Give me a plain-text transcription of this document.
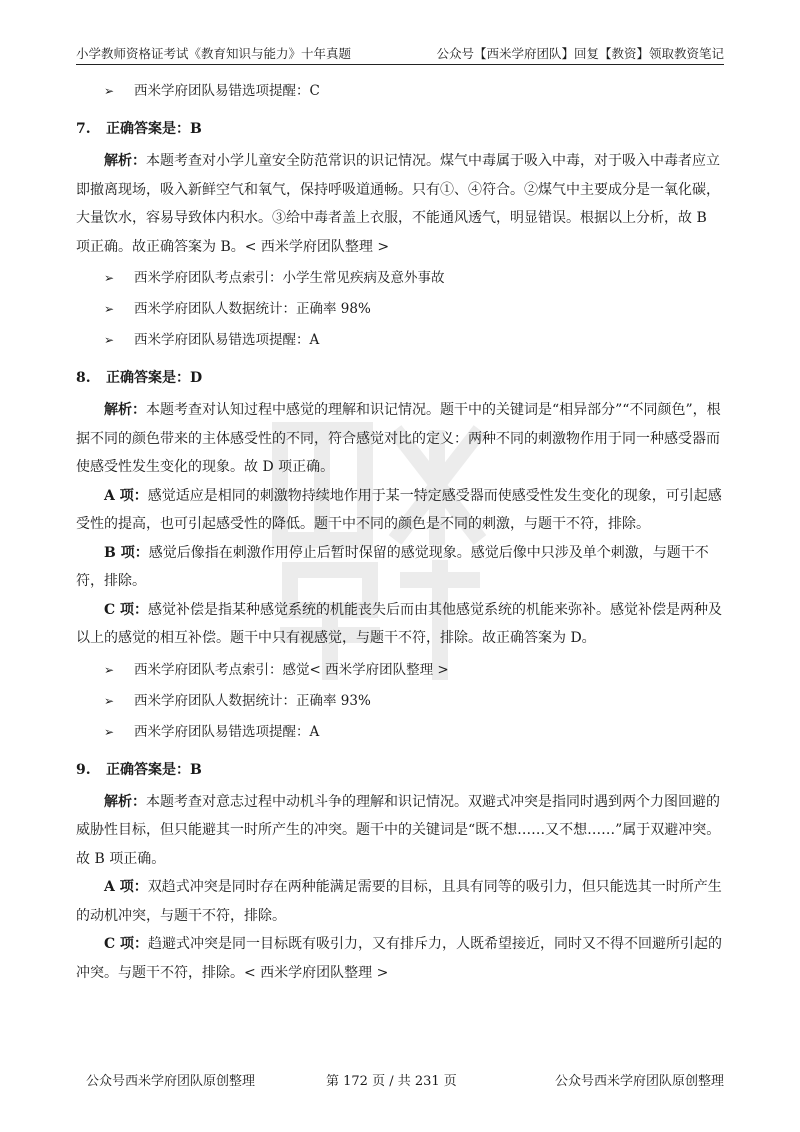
小学教师资格证考试《教育知识与能力》十年真题	公众号【西米学府团队】回复【教资】领取教资笔记
➢ 西米学府团队易错选项提醒：C
7. 正确答案是：B

解析：本题考查对小学儿童安全防范常识的识记情况。煤气中毒属于吸入中毒，对于吸入中毒者应立即撤离现场，吸入新鲜空气和氧气，保持呼吸道通畅。只有①、④符合。②煤气中主要成分是一氧化碳，大量饮水，容易导致体内积水。③给中毒者盖上衣服，不能通风透气，明显错误。根据以上分析，故 B 项正确。故正确答案为 B。< 西米学府团队整理 >

➢ 西米学府团队考点索引：小学生常见疾病及意外事故
➢ 西米学府团队人数据统计：正确率 98%
➢ 西米学府团队易错选项提醒：A
8. 正确答案是：D

解析：本题考查对认知过程中感觉的理解和识记情况。题干中的关键词是“相异部分”“不同颜色”，根据不同的颜色带来的主体感受性的不同，符合感觉对比的定义：两种不同的刺激物作用于同一种感受器而使感受性发生变化的现象。故 D 项正确。

A 项：感觉适应是相同的刺激物持续地作用于某一特定感受器而使感受性发生变化的现象，可引起感受性的提高，也可引起感受性的降低。题干中不同的颜色是不同的刺激，与题干不符，排除。

B 项：感觉后像指在刺激作用停止后暂时保留的感觉现象。感觉后像中只涉及单个刺激，与题干不符，排除。

C 项：感觉补偿是指某种感觉系统的机能丧失后而由其他感觉系统的机能来弥补。感觉补偿是两种及以上的感觉的相互补偿。题干中只有视感觉，与题干不符，排除。故正确答案为 D。

➢ 西米学府团队考点索引：感觉< 西米学府团队整理 >
➢ 西米学府团队人数据统计：正确率 93%
➢ 西米学府团队易错选项提醒：A
9. 正确答案是：B

解析：本题考查对意志过程中动机斗争的理解和识记情况。双避式冲突是指同时遇到两个力图回避的威胁性目标，但只能避其一时所产生的冲突。题干中的关键词是“既不想……又不想……”属于双避冲突。故 B 项正确。

A 项：双趋式冲突是同时存在两种能满足需要的目标，且具有同等的吸引力，但只能选其一时所产生的动机冲突，与题干不符，排除。

C 项：趋避式冲突是同一目标既有吸引力，又有排斥力，人既希望接近，同时又不得不回避所引起的冲突。与题干不符，排除。< 西米学府团队整理 >

公众号西米学府团队原创整理	第 172 页 / 共 231 页	公众号西米学府团队原创整理
